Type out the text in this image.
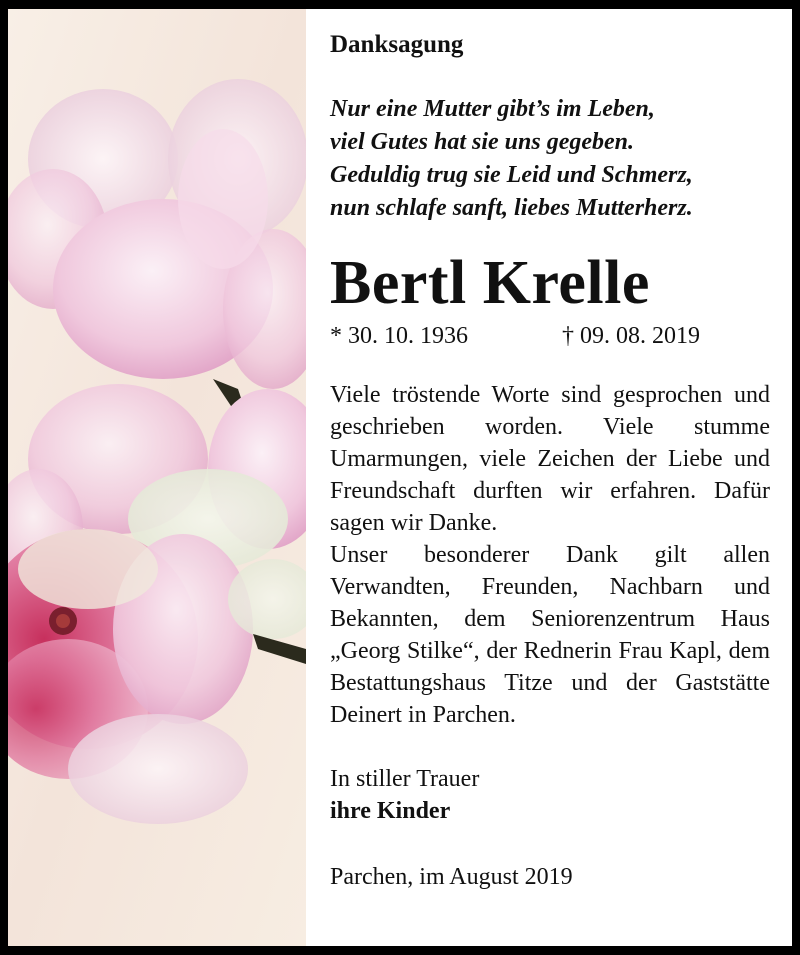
Danksagung
Nur eine Mutter gibt’s im Leben,
viel Gutes hat sie uns gegeben.
Geduldig trug sie Leid und Schmerz,
nun schlafe sanft, liebes Mutterherz.
Bertl Krelle
* 30. 10. 1936	† 09. 08. 2019

Viele tröstende Worte sind gesprochen und geschrieben worden. Viele stumme Umarmungen, viele Zeichen der Liebe und Freundschaft durften wir erfahren. Dafür sagen wir Danke.

Unser besonderer Dank gilt allen Verwandten, Freunden, Nachbarn und Bekannten, dem Seniorenzentrum Haus „Georg Stilke“, der Rednerin Frau Kapl, dem Bestattungshaus Titze und der Gaststätte Deinert in Parchen.

In stiller Trauer
ihre Kinder
Parchen, im August 2019
